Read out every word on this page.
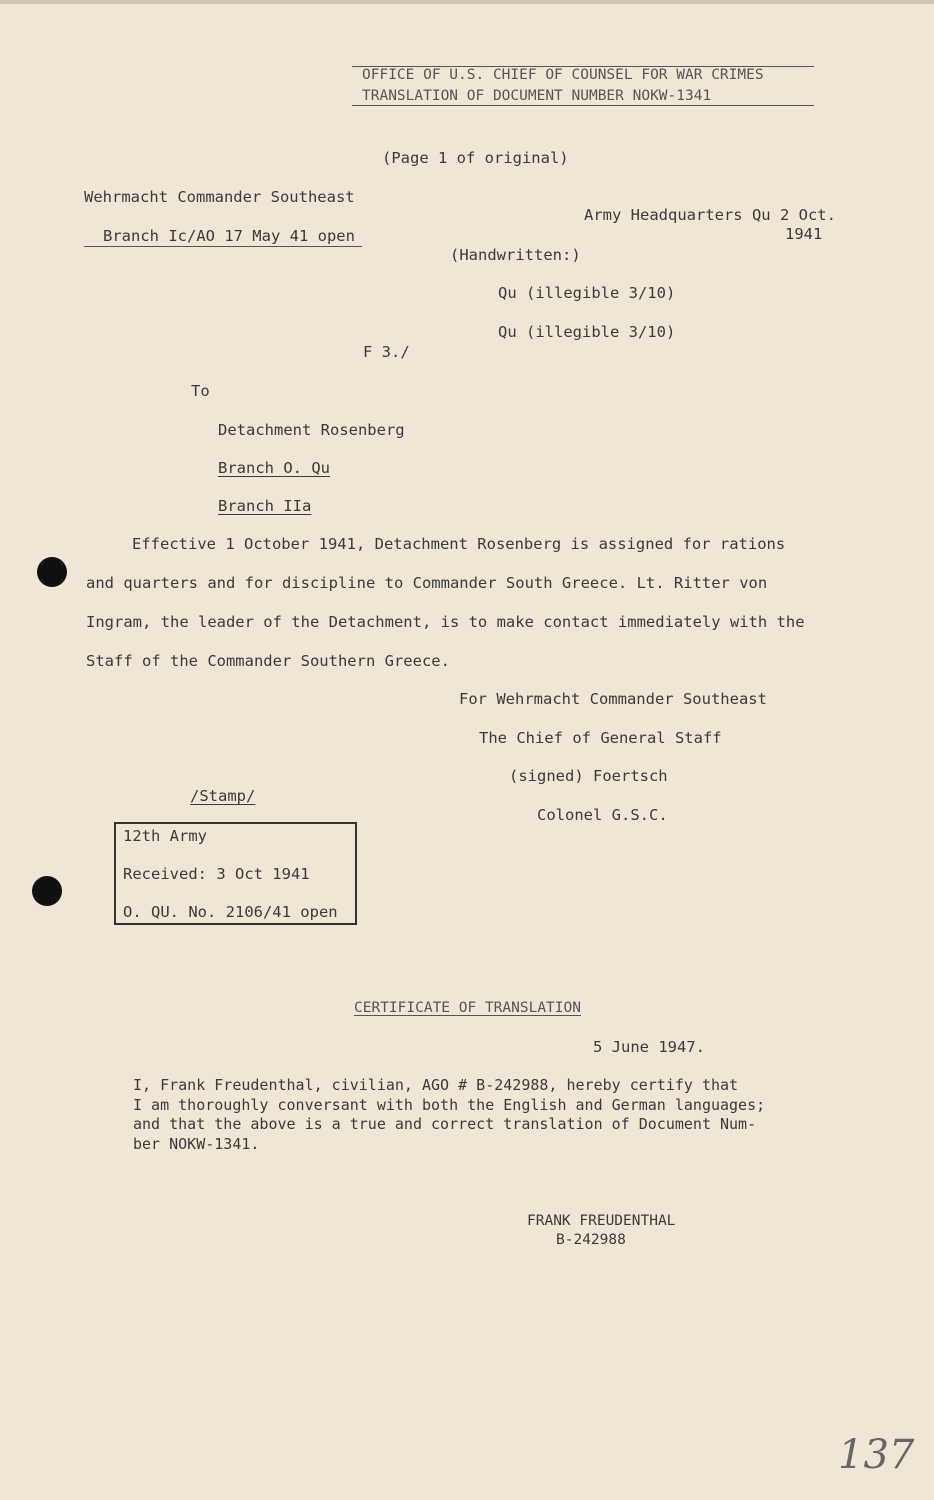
OFFICE OF U.S. CHIEF OF COUNSEL FOR WAR CRIMES
TRANSLATION OF DOCUMENT NUMBER NOKW-1341
(Page 1 of original)
Wehrmacht Commander Southeast
Branch Ic/AO 17 May 41 open
Army Headquarters Qu 2 Oct.
1941
(Handwritten:)
Qu (illegible 3/10)
Qu (illegible 3/10)
F 3./
To
Detachment Rosenberg
Branch O. Qu
Branch IIa
Effective 1 October 1941, Detachment Rosenberg is assigned for rations
and quarters and for discipline to Commander South Greece. Lt. Ritter von
Ingram, the leader of the Detachment, is to make contact immediately with the
Staff of the Commander Southern Greece.
For Wehrmacht Commander Southeast
The Chief of General Staff
(signed) Foertsch
Colonel G.S.C.
/Stamp/
12th Army
Received: 3 Oct 1941
O. QU. No. 2106/41 open
CERTIFICATE OF TRANSLATION
5 June 1947.
I, Frank Freudenthal, civilian, AGO # B-242988, hereby certify that
I am thoroughly conversant with both the English and German languages;
and that the above is a true and correct translation of Document Num-
ber NOKW-1341.
FRANK FREUDENTHAL
B-242988
137
